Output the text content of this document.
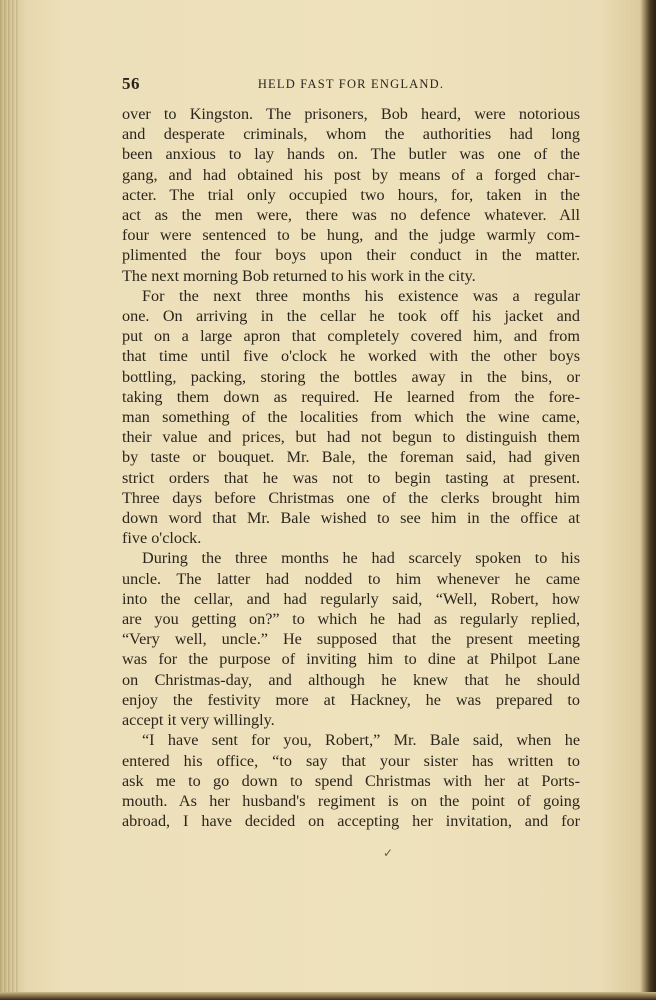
56	HELD FAST FOR ENGLAND.

over to Kingston. The prisoners, Bob heard, were notorious

and desperate criminals, whom the authorities had long

been anxious to lay hands on. The butler was one of the

gang, and had obtained his post by means of a forged char-

acter. The trial only occupied two hours, for, taken in the

act as the men were, there was no defence whatever. All

four were sentenced to be hung, and the judge warmly com-

plimented the four boys upon their conduct in the matter.

The next morning Bob returned to his work in the city.

For the next three months his existence was a regular

one. On arriving in the cellar he took off his jacket and

put on a large apron that completely covered him, and from

that time until five o'clock he worked with the other boys

bottling, packing, storing the bottles away in the bins, or

taking them down as required. He learned from the fore-

man something of the localities from which the wine came,

their value and prices, but had not begun to distinguish them

by taste or bouquet. Mr. Bale, the foreman said, had given

strict orders that he was not to begin tasting at present.

Three days before Christmas one of the clerks brought him

down word that Mr. Bale wished to see him in the office at

five o'clock.

During the three months he had scarcely spoken to his

uncle. The latter had nodded to him whenever he came

into the cellar, and had regularly said, “Well, Robert, how

are you getting on?” to which he had as regularly replied,

“Very well, uncle.” He supposed that the present meeting

was for the purpose of inviting him to dine at Philpot Lane

on Christmas-day, and although he knew that he should

enjoy the festivity more at Hackney, he was prepared to

accept it very willingly.

“I have sent for you, Robert,” Mr. Bale said, when he

entered his office, “to say that your sister has written to

ask me to go down to spend Christmas with her at Ports-

mouth. As her husband's regiment is on the point of going

abroad, I have decided on accepting her invitation, and for

✓
